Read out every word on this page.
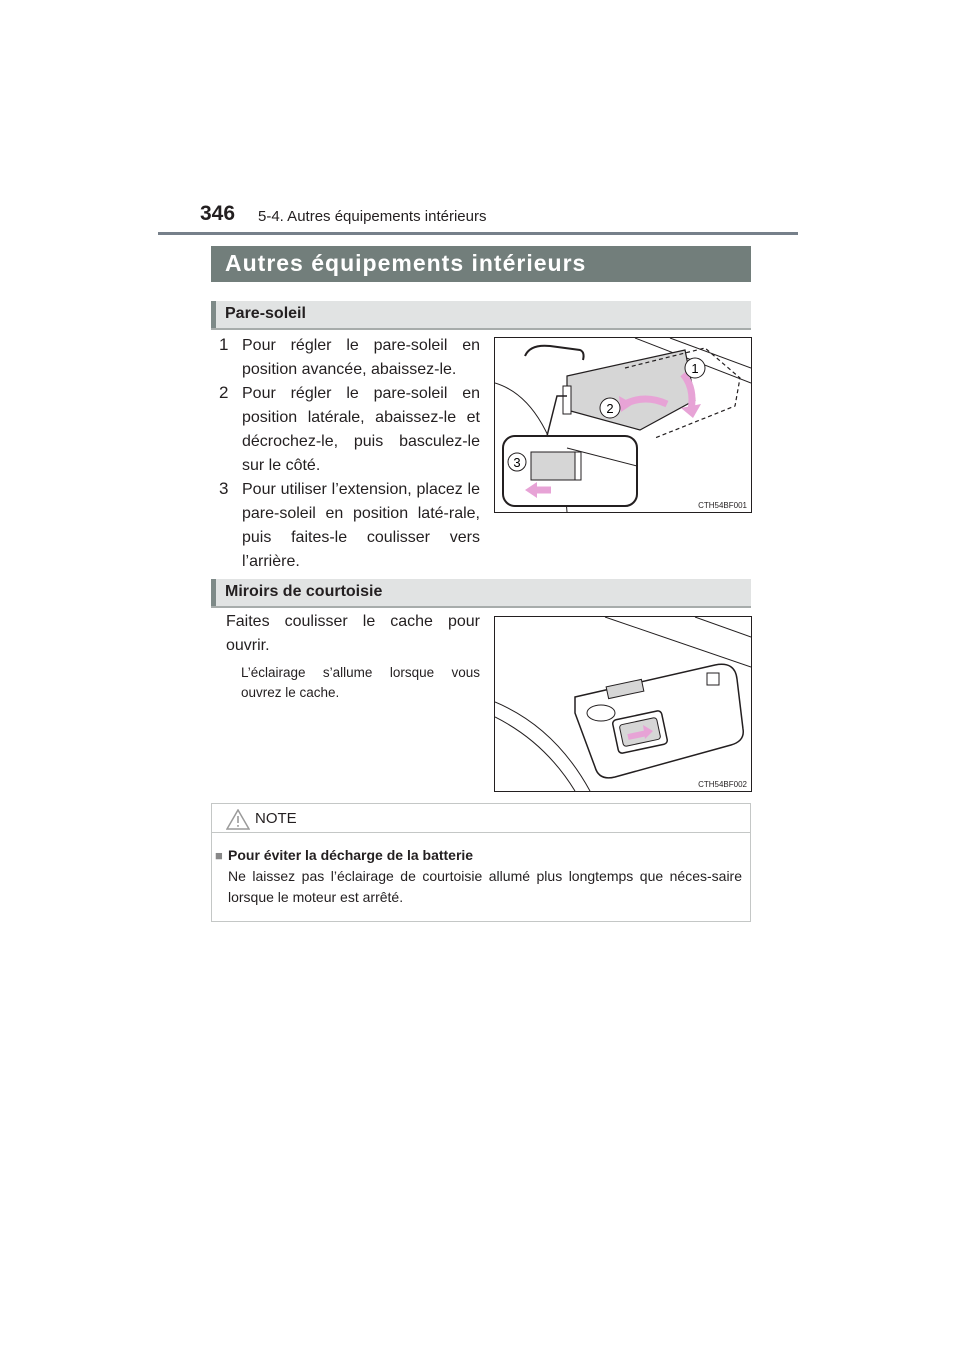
346 5-4. Autres équipements intérieurs
Autres équipements intérieurs
Pare-soleil
1 Pour régler le pare-soleil en position avancée, abaissez-le.
2 Pour régler le pare-soleil en position latérale, abaissez-le et décrochez-le, puis basculez-le sur le côté.
3 Pour utiliser l’extension, placez le pare-soleil en position laté-rale, puis faites-le coulisser vers l’arrière.
1
2
3
CTH54BF001
Miroirs de courtoisie
Faites coulisser le cache pour ouvrir.
L’éclairage s’allume lorsque vous ouvrez le cache.
CTH54BF002
NOTE
■ Pour éviter la décharge de la batterie
Ne laissez pas l’éclairage de courtoisie allumé plus longtemps que néces-saire lorsque le moteur est arrêté.
